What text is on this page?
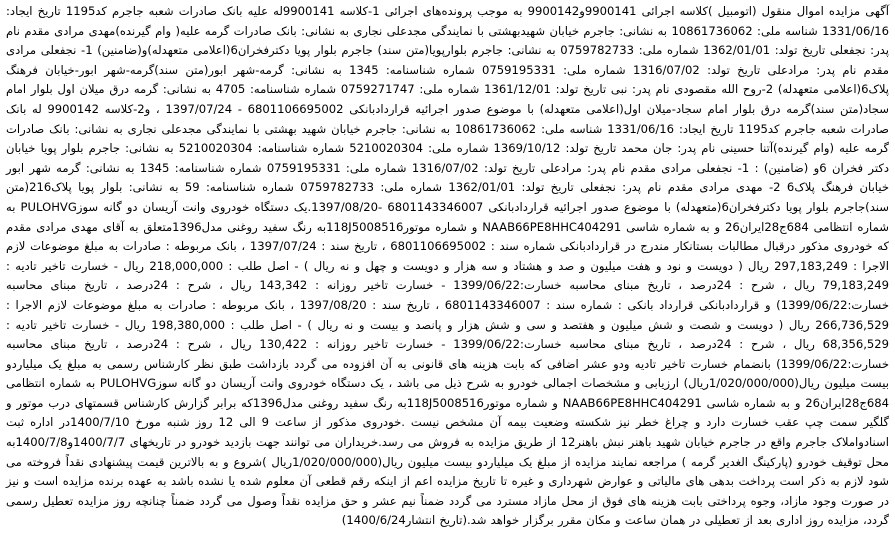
آگهی مزایده اموال منقول (اتومبیل )کلاسه اجرائی 9900141و9900142 به موجب پرونده‌های اجرائی 1-کلاسه 9900141له علیه بانک صادرات شعبه جاجرم کد1195 تاریخ ایجاد: 1331/06/16 شناسه ملی: 10861736062 به نشانی: جاجرم خیابان شهیدبهشتی با نمایندگی مجدعلی نجاری به نشانی: بانک صادرات گرمه علیه( وام گیرنده)مهدی مرادی مقدم نام پدر: نجفعلی تاریخ تولد: 1362/01/01 شماره ملی: 0759782733 به نشانی: جاجرم بلوارپویا(متن سند) جاجرم بلوار پویا دکترفخران6(اعلامی متعهدله)و(ضامنین) 1- نجفعلی مرادی مقدم نام پدر: مرادعلی تاریخ تولد: 1316/07/02 شماره ملی: 0759195331 شماره شناسنامه: 1345 به نشانی: گرمه-شهر ابور(متن سند)گرمه-شهر ابور-خیابان فرهنگ پلاک6(اعلامی متعهدله) 2-روح الله مقصودی نام پدر: نبی تاریخ تولد: 1361/12/01 شماره ملی: 0759271747 شماره شناسنامه: 4705 به نشانی: گرمه درق میلان اول بلوار امام سجاد(متن سند)گرمه درق بلوار امام سجاد-میلان اول(اعلامی متعهدله) با موضوع صدور اجرائیه قراردادبانکی 6801106695002 - 1397/07/24 ، و2-کلاسه 9900142 له بانک صادرات شعبه جاجرم کد1195 تاریخ ایجاد: 1331/06/16 شناسه ملی: 10861736062 به نشانی: جاجرم خیابان شهید بهشتی با نمایندگی مجدعلی نجاری به نشانی: بانک صادرات گرمه علیه (وام گیرنده)آتنا حسینی نام پدر: جان محمد تاریخ تولد: 1369/10/12 شماره ملی: 5210020304 شماره شناسنامه: 5210020304 به نشانی: جاجرم بلوار پویا خیابان دکتر فخران 6و (ضامنین) : 1- نجفعلی مرادی مقدم نام پدر: مرادعلی تاریخ تولد: 1316/07/02 شماره ملی: 0759195331 شماره شناسنامه: 1345 به نشانی: گرمه شهر ابور خیابان فرهنگ پلاک6 2- مهدی مرادی مقدم نام پدر: نجفعلی تاریخ تولد: 1362/01/01 شماره ملی: 0759782733 شماره شناسنامه: 59 به نشانی: بلوار پویا پلاک216(متن سند)جاجرم بلوار پویا دکترفخران6(متعهدله) با موضوع صدور اجرائیه قراردادبانکی 6801143346007 -1397/08/20.یک دستگاه خودروی وانت آریسان دو گانه سوزPULOHVG به شماره انتظامی 684ج28ایران26 و به شماره شاسی NAAB66PE8HHC404291 و شماره موتور118J5008516به رنگ سفید روغنی مدل1396متعلق به آقای مهدی مرادی مقدم که خودروی مذکور درقبال مطالبات بستانکار مندرج در قراردادبانکی شماره سند : 6801106695002 ، تاریخ سند : 1397/07/24 ، بانک مربوطه : صادرات به مبلغ موضوعات لازم الاجرا : 297,183,249 ریال ( دویست و نود و هفت میلیون و صد و هشتاد و سه هزار و دویست و چهل و نه ریال ) - اصل طلب : 218,000,000 ریال - خسارت تاخیر تادیه : 79,183,249 ریال ، شرح : 24درصد ، تاریخ مبنای محاسبه خسارت:1399/06/22 - خسارت تاخیر روزانه : 143,342 ریال ، شرح : 24درصد ، تاریخ مبنای محاسبه خسارت:1399/06/22) و قراردادبانکی قرارداد بانکی : شماره سند : 6801143346007 ، تاریخ سند : 1397/08/20 ، بانک مربوطه : صادرات به مبلغ موضوعات لازم الاجرا : 266,736,529 ریال ( دویست و شصت و شش میلیون و هفتصد و سی و شش هزار و پانصد و بیست و نه ریال ) - اصل طلب : 198,380,000 ریال - خسارت تاخیر تادیه : 68,356,529 ریال ، شرح : 24درصد ، تاریخ مبنای محاسبه خسارت:1399/06/22 - خسارت تاخیر روزانه : 130,422 ریال ، شرح : 24درصد ، تاریخ مبنای محاسبه خسارت:1399/06/22) بانضمام خسارت تاخیر تادیه ودو عشر اضافی که بابت هزینه های قانونی به آن افزوده می گردد بازداشت طبق نظر کارشناس رسمی به مبلغ یک میلیاردو بیست میلیون ریال(1/020/000/000ریال) ارزیابی و مشخصات اجمالی خودرو به شرح ذیل می باشد ، یک دستگاه خودروی وانت آریسان دو گانه سوزPULOHVG به شماره انتظامی 684ج28ایران26 و به شماره شاسی NAAB66PE8HHC404291 و شماره موتور118J5008516به رنگ سفید روغنی مدل1396که برابر گزارش کارشناس قسمتهای درب موتور و گلگیر سمت چپ عقب خسارت دارد و چراغ خطر نیز شکسته وضعیت بیمه آن مشخص نیست .خودروی مذکور از ساعت 9 الی 12 روز شنبه مورخ 1400/7/10در اداره ثبت اسنادواملاک جاجرم واقع در جاجرم خیابان شهید باهنر نبش باهنر12 از طریق مزایده به فروش می رسد.خریداران می توانند جهت بازدید خودرو در تاریخهای 1400/7/7و1400/7/8به محل توقیف خودرو (پارکینگ الغدیر گرمه ) مراجعه نمایند مزایده از مبلغ یک میلیاردو بیست میلیون ریال(1/020/000/000ریال )شروع و به بالاترین قیمت پیشنهادی نقداً فروخته می شود لازم به ذکر است پرداخت بدهی های مالیاتی و عوارض شهرداری و غیره تا تاریخ مزایده اعم از اینکه رقم قطعی آن معلوم شده یا نشده باشد به عهده برنده مزایده است و نیز در صورت وجود مازاد، وجوه پرداختی بابت هزینه های فوق از محل مازاد مسترد می گردد ضمناً نیم عشر و حق مزایده نقداً وصول می گردد ضمناً چنانچه روز مزایده تعطیل رسمی گردد، مزایده روز اداری بعد از تعطیلی در همان ساعت و مکان مقرر برگزار خواهد شد.(تاریخ انتشار1400/6/24)
